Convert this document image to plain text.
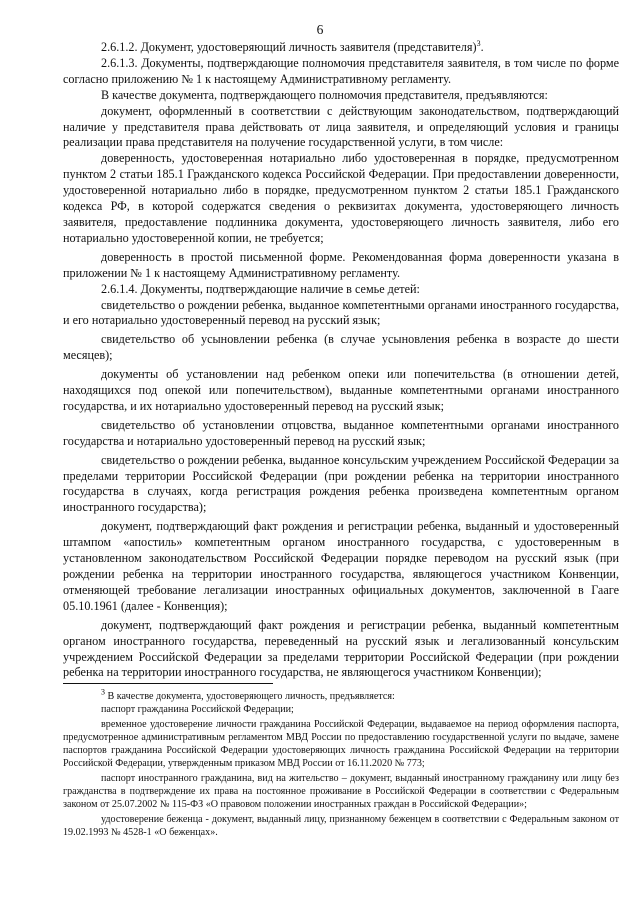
6

2.6.1.2. Документ, удостоверяющий личность заявителя (представителя)$^3$.

2.6.1.3. Документы, подтверждающие полномочия представителя заявителя, в том числе по форме согласно приложению № 1 к настоящему Административному регламенту.

В качестве документа, подтверждающего полномочия представителя, предъявляются:

документ, оформленный в соответствии с действующим законодательством, подтверждающий наличие у представителя права действовать от лица заявителя, и определяющий условия и границы реализации права представителя на получение государственной услуги, в том числе:

доверенность, удостоверенная нотариально либо удостоверенная в порядке, предусмотренном пунктом 2 статьи 185.1 Гражданского кодекса Российской Федерации. При предоставлении доверенности, удостоверенной нотариально либо в порядке, предусмотренном пунктом 2 статьи 185.1 Гражданского кодекса РФ, в которой содержатся сведения о реквизитах документа, удостоверяющего личность заявителя, предоставление подлинника документа, удостоверяющего личность заявителя, либо его нотариально удостоверенной копии, не требуется;

доверенность в простой письменной форме. Рекомендованная форма доверенности указана в приложении № 1 к настоящему Административному регламенту.

2.6.1.4. Документы, подтверждающие наличие в семье детей:

свидетельство о рождении ребенка, выданное компетентными органами иностранного государства, и его нотариально удостоверенный перевод на русский язык;

свидетельство об усыновлении ребенка (в случае усыновления ребенка в возрасте до шести месяцев);

документы об установлении над ребенком опеки или попечительства (в отношении детей, находящихся под опекой или попечительством), выданные компетентными органами иностранного государства, и их нотариально удостоверенный перевод на русский язык;

свидетельство об установлении отцовства, выданное компетентными органами иностранного государства и нотариально удостоверенный перевод на русский язык;

свидетельство о рождении ребенка, выданное консульским учреждением Российской Федерации за пределами территории Российской Федерации (при рождении ребенка на территории иностранного государства в случаях, когда регистрация рождения ребенка произведена компетентным органом иностранного государства);

документ, подтверждающий факт рождения и регистрации ребенка, выданный и удостоверенный штампом «апостиль» компетентным органом иностранного государства, с удостоверенным в установленном законодательством Российской Федерации порядке переводом на русский язык (при рождении ребенка на территории иностранного государства, являющегося участником Конвенции, отменяющей требование легализации иностранных официальных документов, заключенной в Гааге 05.10.1961 (далее - Конвенция);

документ, подтверждающий факт рождения и регистрации ребенка, выданный компетентным органом иностранного государства, переведенный на русский язык и легализованный консульским учреждением Российской Федерации за пределами территории Российской Федерации (при рождении ребенка на территории иностранного государства, не являющегося участником Конвенции);

$^3$ В качестве документа, удостоверяющего личность, предъявляется:

паспорт гражданина Российской Федерации;

временное удостоверение личности гражданина Российской Федерации, выдаваемое на период оформления паспорта, предусмотренное административным регламентом МВД России по предоставлению государственной услуги по выдаче, замене паспортов гражданина Российской Федерации удостоверяющих личность гражданина Российской Федерации на территории Российской Федерации, утвержденным приказом МВД России от 16.11.2020 № 773;

паспорт иностранного гражданина, вид на жительство – документ, выданный иностранному гражданину или лицу без гражданства в подтверждение их права на постоянное проживание в Российской Федерации в соответствии с Федеральным законом от 25.07.2002 № 115-ФЗ «О правовом положении иностранных граждан в Российской Федерации»;

удостоверение беженца - документ, выданный лицу, признанному беженцем в соответствии с Федеральным законом от 19.02.1993 № 4528-1 «О беженцах».
